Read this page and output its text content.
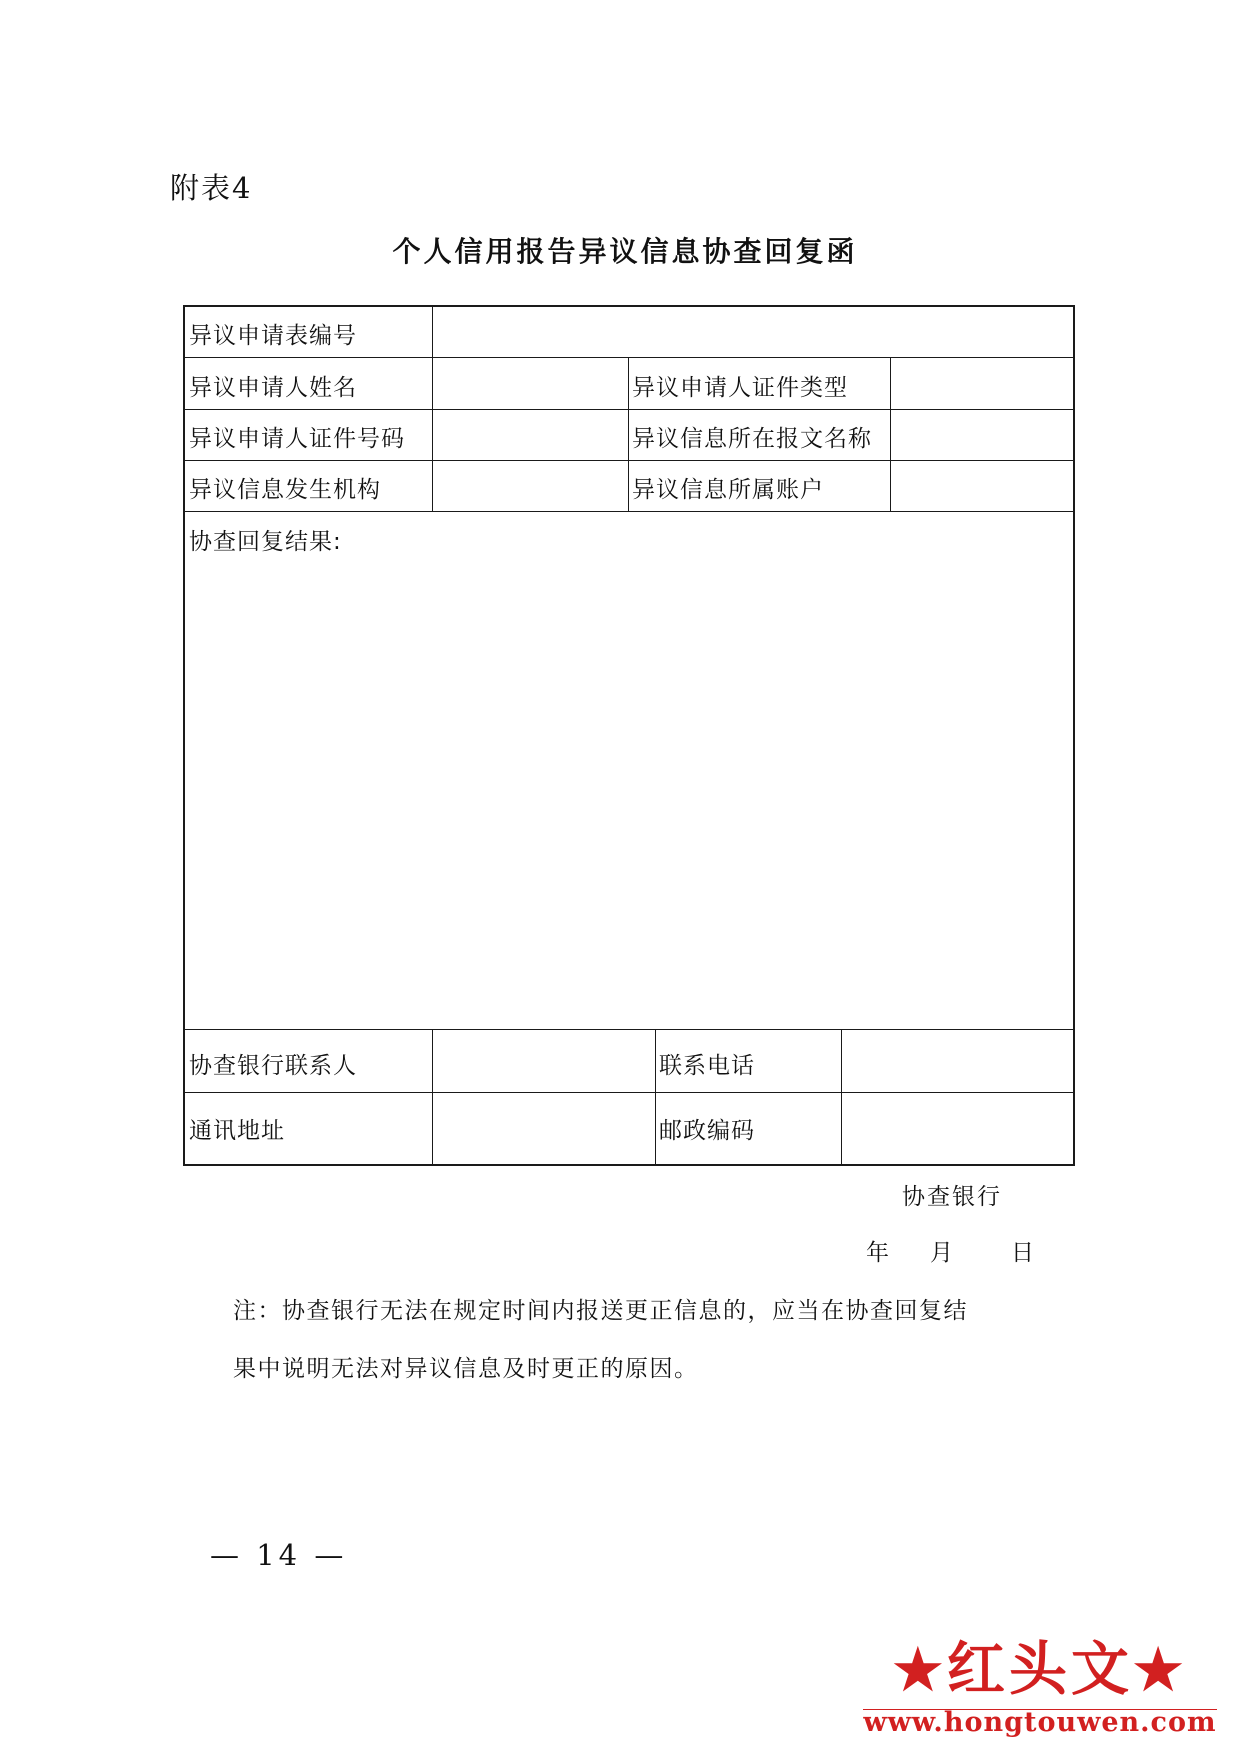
附表4
个人信用报告异议信息协查回复函
异议申请表编号
异议申请人姓名	异议申请人证件类型
异议申请人证件号码	异议信息所在报文名称
异议信息发生机构	异议信息所属账户
协查回复结果:
协查银行联系人	联系电话
通讯地址	邮政编码
协查银行
年 月	日
注：协查银行无法在规定时间内报送更正信息的，应当在协查回复结
果中说明无法对异议信息及时更正的原因。
— 14 —
★红头文★
www.hongtouwen.com
